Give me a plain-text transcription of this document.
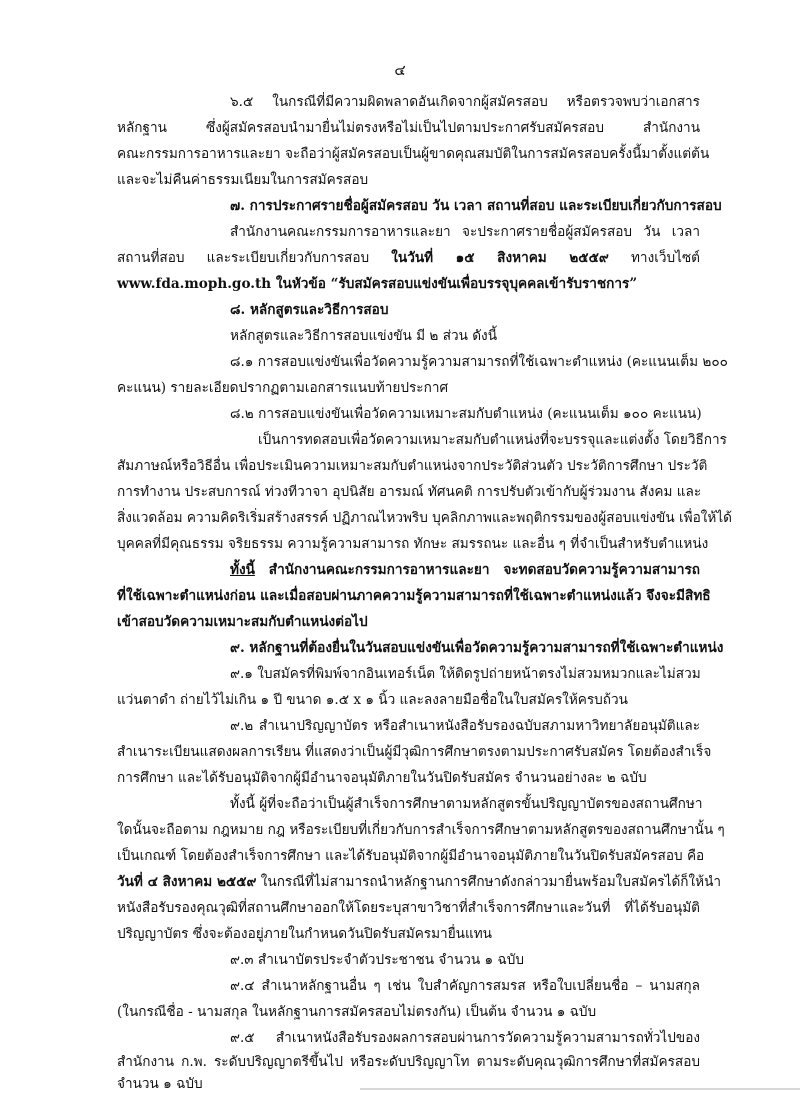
๔
๖.๕ ในกรณีที่มีความผิดพลาดอันเกิดจากผู้สมัครสอบ หรือตรวจพบว่าเอกสาร
หลักฐาน ซึ่งผู้สมัครสอบนำมายื่นไม่ตรงหรือไม่เป็นไปตามประกาศรับสมัครสอบ สำนักงาน
คณะกรรมการอาหารและยา จะถือว่าผู้สมัครสอบเป็นผู้ขาดคุณสมบัติในการสมัครสอบครั้งนี้มาตั้งแต่ต้น
และจะไม่คืนค่าธรรมเนียมในการสมัครสอบ
๗. การประกาศรายชื่อผู้สมัครสอบ วัน เวลา สถานที่สอบ และระเบียบเกี่ยวกับการสอบ
สำนักงานคณะกรรมการอาหารและยา จะประกาศรายชื่อผู้สมัครสอบ วัน เวลา
สถานที่สอบ และระเบียบเกี่ยวกับการสอบ ในวันที่ ๑๕ สิงหาคม ๒๕๕๙ ทางเว็บไซต์
www.fda.moph.go.th ในหัวข้อ “รับสมัครสอบแข่งขันเพื่อบรรจุบุคคลเข้ารับราชการ”
๘. หลักสูตรและวิธีการสอบ
หลักสูตรและวิธีการสอบแข่งขัน มี ๒ ส่วน ดังนี้
๘.๑ การสอบแข่งขันเพื่อวัดความรู้ความสามารถที่ใช้เฉพาะตำแหน่ง (คะแนนเต็ม ๒๐๐
คะแนน) รายละเอียดปรากฏตามเอกสารแนบท้ายประกาศ
๘.๒ การสอบแข่งขันเพื่อวัดความเหมาะสมกับตำแหน่ง (คะแนนเต็ม ๑๐๐ คะแนน)
เป็นการทดสอบเพื่อวัดความเหมาะสมกับตำแหน่งที่จะบรรจุและแต่งตั้ง โดยวิธีการ
สัมภาษณ์หรือวิธีอื่น เพื่อประเมินความเหมาะสมกับตำแหน่งจากประวัติส่วนตัว ประวัติการศึกษา ประวัติ
การทำงาน ประสบการณ์ ท่วงทีวาจา อุปนิสัย อารมณ์ ทัศนคติ การปรับตัวเข้ากับผู้ร่วมงาน สังคม และ
สิ่งแวดล้อม ความคิดริเริ่มสร้างสรรค์ ปฏิภาณไหวพริบ บุคลิกภาพและพฤติกรรมของผู้สอบแข่งขัน เพื่อให้ได้
บุคคลที่มีคุณธรรม จริยธรรม ความรู้ความสามารถ ทักษะ สมรรถนะ และอื่น ๆ ที่จำเป็นสำหรับตำแหน่ง
ทั้งนี้ สำนักงานคณะกรรมการอาหารและยา จะทดสอบวัดความรู้ความสามารถ
ที่ใช้เฉพาะตำแหน่งก่อน และเมื่อสอบผ่านภาคความรู้ความสามารถที่ใช้เฉพาะตำแหน่งแล้ว จึงจะมีสิทธิ
เข้าสอบวัดความเหมาะสมกับตำแหน่งต่อไป
๙. หลักฐานที่ต้องยื่นในวันสอบแข่งขันเพื่อวัดความรู้ความสามารถที่ใช้เฉพาะตำแหน่ง
๙.๑ ใบสมัครที่พิมพ์จากอินเทอร์เน็ต ให้ติดรูปถ่ายหน้าตรงไม่สวมหมวกและไม่สวม
แว่นตาดำ ถ่ายไว้ไม่เกิน ๑ ปี ขนาด ๑.๕ x ๑ นิ้ว และลงลายมือชื่อในใบสมัครให้ครบถ้วน
๙.๒ สำเนาปริญญาบัตร หรือสำเนาหนังสือรับรองฉบับสภามหาวิทยาลัยอนุมัติและ
สำเนาระเบียนแสดงผลการเรียน ที่แสดงว่าเป็นผู้มีวุฒิการศึกษาตรงตามประกาศรับสมัคร โดยต้องสำเร็จ
การศึกษา และได้รับอนุมัติจากผู้มีอำนาจอนุมัติภายในวันปิดรับสมัคร จำนวนอย่างละ ๒ ฉบับ
ทั้งนี้ ผู้ที่จะถือว่าเป็นผู้สำเร็จการศึกษาตามหลักสูตรขั้นปริญญาบัตรของสถานศึกษา
ใดนั้นจะถือตาม กฎหมาย กฎ หรือระเบียบที่เกี่ยวกับการสำเร็จการศึกษาตามหลักสูตรของสถานศึกษานั้น ๆ
เป็นเกณฑ์ โดยต้องสำเร็จการศึกษา และได้รับอนุมัติจากผู้มีอำนาจอนุมัติภายในวันปิดรับสมัครสอบ คือ
วันที่ ๔ สิงหาคม ๒๕๕๙ ในกรณีที่ไม่สามารถนำหลักฐานการศึกษาดังกล่าวมายื่นพร้อมใบสมัครได้ก็ให้นำ
หนังสือรับรองคุณวุฒิที่สถานศึกษาออกให้โดยระบุสาขาวิชาที่สำเร็จการศึกษาและวันที่ ที่ได้รับอนุมัติ
ปริญญาบัตร ซึ่งจะต้องอยู่ภายในกำหนดวันปิดรับสมัครมายื่นแทน
๙.๓ สำเนาบัตรประจำตัวประชาชน จำนวน ๑ ฉบับ
๙.๔ สำเนาหลักฐานอื่น ๆ เช่น ใบสำคัญการสมรส หรือใบเปลี่ยนชื่อ – นามสกุล
(ในกรณีชื่อ - นามสกุล ในหลักฐานการสมัครสอบไม่ตรงกัน) เป็นต้น จำนวน ๑ ฉบับ
๙.๕ สำเนาหนังสือรับรองผลการสอบผ่านการวัดความรู้ความสามารถทั่วไปของ
สำนักงาน ก.พ. ระดับปริญญาตรีขึ้นไป หรือระดับปริญญาโท ตามระดับคุณวุฒิการศึกษาที่สมัครสอบ
จำนวน ๑ ฉบับ
